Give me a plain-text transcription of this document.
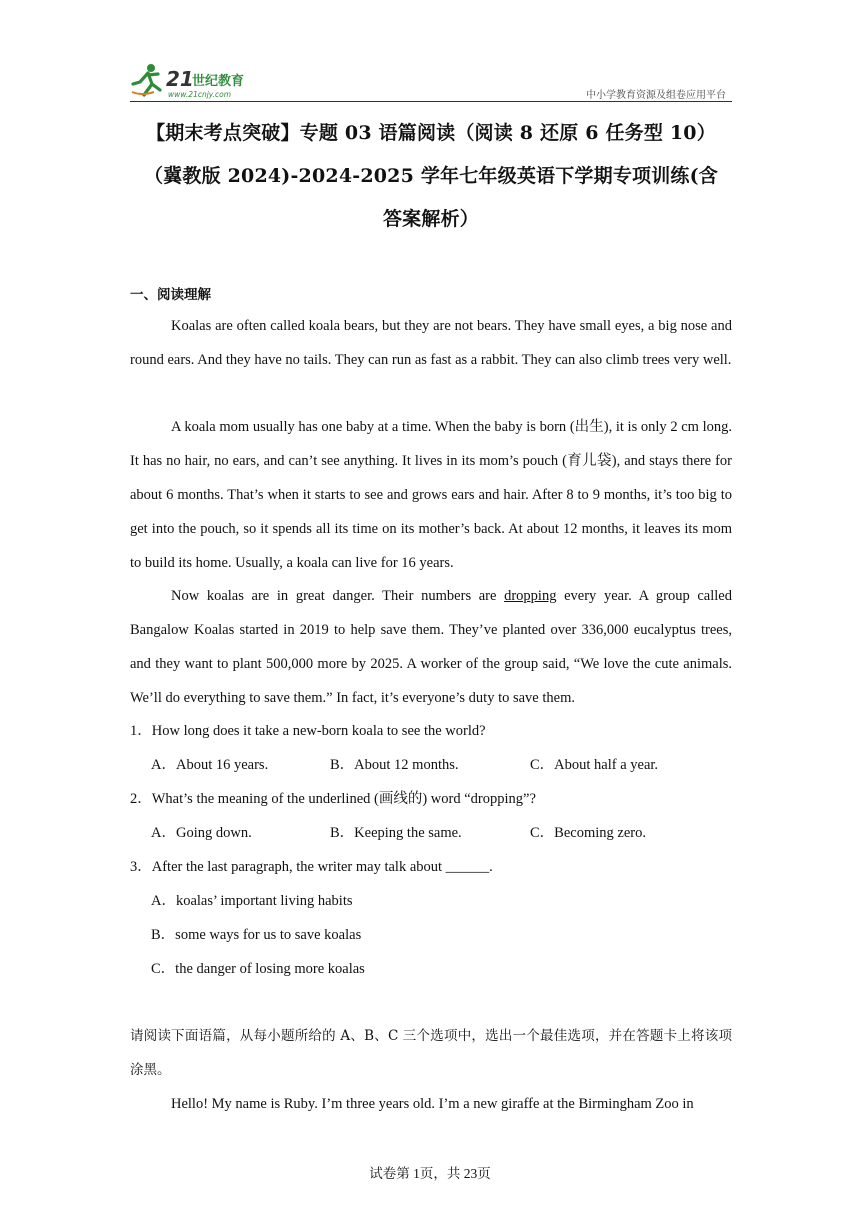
21
世纪教育
www.21cnjy.com	中小学教育资源及组卷应用平台
【期末考点突破】专题 03 语篇阅读（阅读 8 还原 6 任务型 10）
（冀教版 2024)-2024-2025 学年七年级英语下学期专项训练(含
答案解析）
一、阅读理解
Koalas are often called koala bears, but they are not bears. They have small eyes, a big nose and round ears. And they have no tails. They can run as fast as a rabbit. They can also climb trees very well.
A koala mom usually has one baby at a time. When the baby is born (出生), it is only 2 cm long. It has no hair, no ears, and can’t see anything. It lives in its mom’s pouch (育儿袋), and stays there for about 6 months. That’s when it starts to see and grows ears and hair. After 8 to 9 months, it’s too big to get into the pouch, so it spends all its time on its mother’s back. At about 12 months, it leaves its mom to build its home. Usually, a koala can live for 16 years.
Now koalas are in great danger. Their numbers are dropping every year. A group called Bangalow Koalas started in 2019 to help save them. They’ve planted over 336,000 eucalyptus trees, and they want to plant 500,000 more by 2025. A worker of the group said, “We love the cute animals. We’ll do everything to save them.” In fact, it’s everyone’s duty to save them.
1．How long does it take a new-born koala to see the world?
A．About 16 years.	B．About 12 months.	C．About half a year.
2．What’s the meaning of the underlined (画线的) word “dropping”?
A．Going down.	B．Keeping the same.	C．Becoming zero.
3．After the last paragraph, the writer may talk about ______.
A．koalas’ important living habits
B．some ways for us to save koalas
C．the danger of losing more koalas
请阅读下面语篇，从每小题所给的 A、B、C 三个选项中，选出一个最佳选项，并在答题卡上将该项涂黑。
Hello! My name is Ruby. I’m three years old. I’m a new giraffe at the Birmingham Zoo in
试卷第 1页，共 23页
